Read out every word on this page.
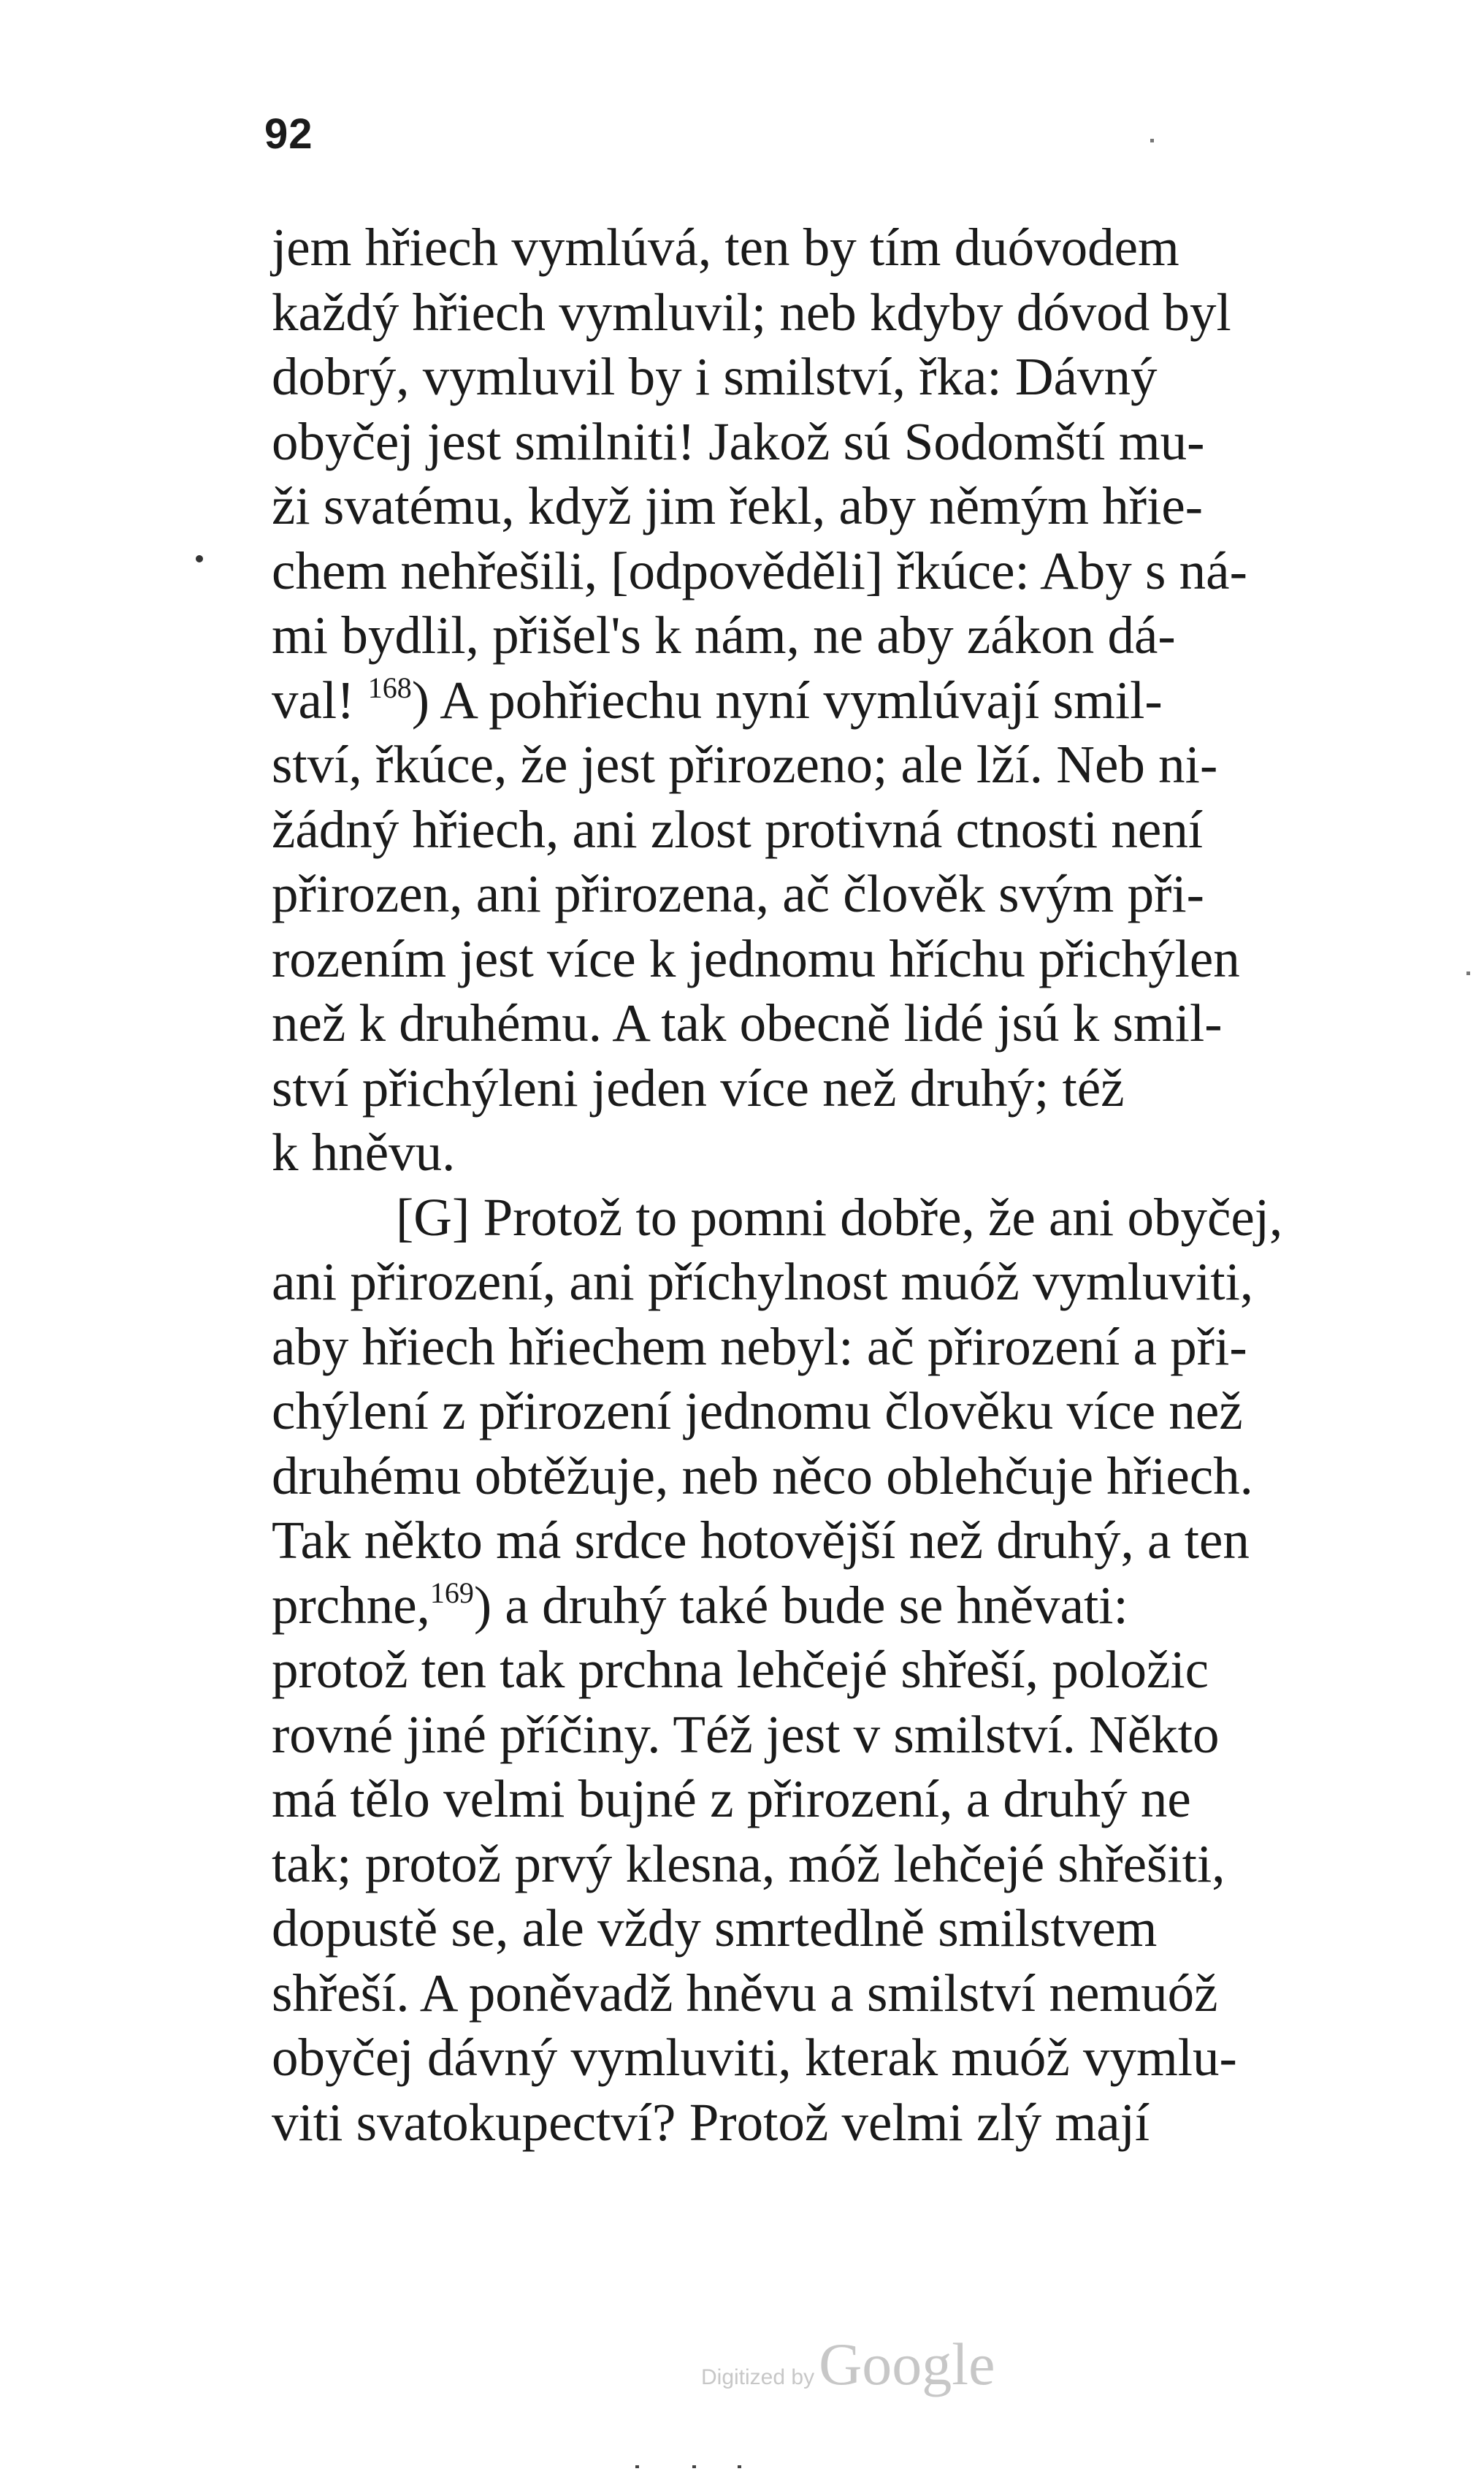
92
jem hřiech vymlúvá, ten by tím duóvodem
každý hřiech vymluvil; neb kdyby dóvod byl
dobrý, vymluvil by i smilství, řka: Dávný
obyčej jest smilniti! Jakož sú Sodomští mu-
ži svatému, když jim řekl, aby němým hřie-
chem nehřešili, [odpověděli] řkúce: Aby s ná-
mi bydlil, přišel's k nám, ne aby zákon dá-
val! $^{168}$) A pohřiechu nyní vymlúvají smil-
ství, řkúce, že jest přirozeno; ale lží. Neb ni-
žádný hřiech, ani zlost protivná ctnosti není
přirozen, ani přirozena, ač člověk svým při-
rozením jest více k jednomu hříchu přichýlen
než k druhému. A tak obecně lidé jsú k smil-
ství přichýleni jeden více než druhý; též
k hněvu.
[G] Protož to pomni dobře, že ani obyčej,
ani přirození, ani příchylnost muóž vymluviti,
aby hřiech hřiechem nebyl: ač přirození a při-
chýlení z přirození jednomu člověku více než
druhému obtěžuje, neb něco oblehčuje hřiech.
Tak někto má srdce hotovější než druhý, a ten
prchne,$^{169}$) a druhý také bude se hněvati:
protož ten tak prchna lehčejé shřeší, položic
rovné jiné příčiny. Též jest v smilství. Někto
má tělo velmi bujné z přirození, a druhý ne
tak; protož prvý klesna, móž lehčejé shřešiti,
dopustě se, ale vždy smrtedlně smilstvem
shřeší. A poněvadž hněvu a smilství nemuóž
obyčej dávný vymluviti, kterak muóž vymlu-
viti svatokupectví? Protož velmi zlý mají
Digitized by Google
